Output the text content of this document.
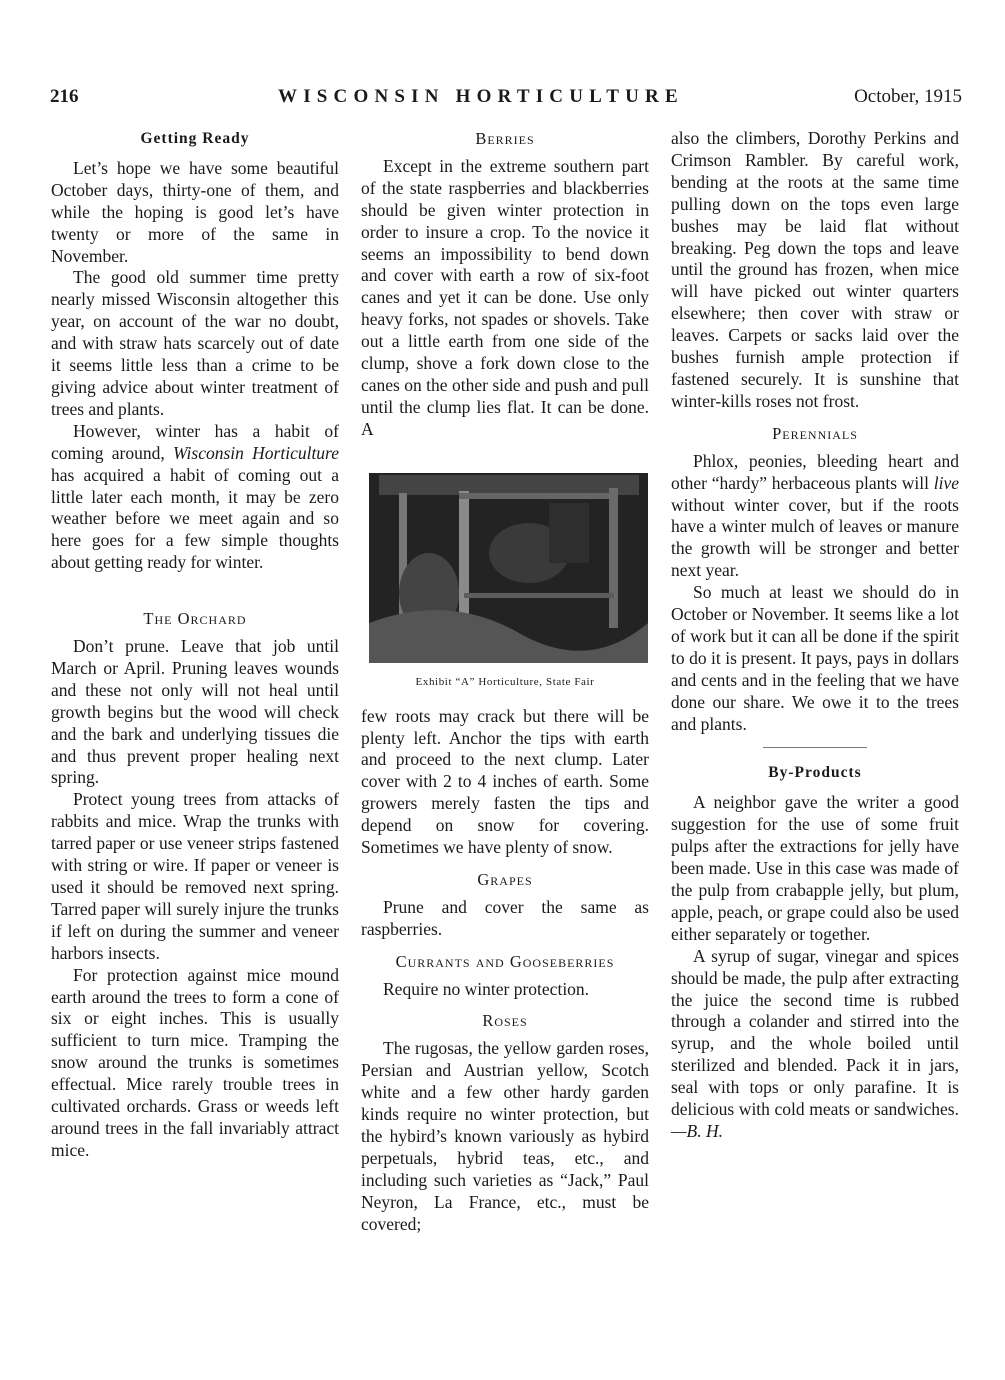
216	WISCONSIN HORTICULTURE	October, 1915
Getting Ready

Let’s hope we have some beautiful October days, thirty-one of them, and while the hoping is good let’s have twenty or more of the same in November.

The good old summer time pretty nearly missed Wisconsin altogether this year, on account of the war no doubt, and with straw hats scarcely out of date it seems little less than a crime to be giving advice about winter treatment of trees and plants.

However, winter has a habit of coming around, Wisconsin Horticulture has acquired a habit of coming out a little later each month, it may be zero weather before we meet again and so here goes for a few simple thoughts about getting ready for winter.

The Orchard

Don’t prune. Leave that job until March or April. Pruning leaves wounds and these not only will not heal until growth begins but the wood will check and the bark and underlying tissues die and thus prevent proper healing next spring.

Protect young trees from attacks of rabbits and mice. Wrap the trunks with tarred paper or use veneer strips fastened with string or wire. If paper or veneer is used it should be removed next spring. Tarred paper will surely injure the trunks if left on during the summer and veneer harbors insects.

For protection against mice mound earth around the trees to form a cone of six or eight inches. This is usually sufficient to turn mice. Tramping the snow around the trunks is sometimes effectual. Mice rarely trouble trees in cultivated orchards. Grass or weeds left around trees in the fall invariably attract mice.

Berries

Except in the extreme southern part of the state raspberries and blackberries should be given winter protection in order to insure a crop. To the novice it seems an impossibility to bend down and cover with earth a row of six-foot canes and yet it can be done. Use only heavy forks, not spades or shovels. Take out a little earth from one side of the clump, shove a fork down close to the canes on the other side and push and pull until the clump lies flat. It can be done. A

Exhibit “A” Horticulture, State Fair

few roots may crack but there will be plenty left. Anchor the tips with earth and proceed to the next clump. Later cover with 2 to 4 inches of earth. Some growers merely fasten the tips and depend on snow for covering. Sometimes we have plenty of snow.

Grapes

Prune and cover the same as raspberries.

Currants and Gooseberries

Require no winter protection.

Roses

The rugosas, the yellow garden roses, Persian and Austrian yellow, Scotch white and a few other hardy garden kinds require no winter protection, but the hybird’s known variously as hybird perpetuals, hybrid teas, etc., and including such varieties as “Jack,” Paul Neyron, La France, etc., must be covered;

also the climbers, Dorothy Perkins and Crimson Rambler. By careful work, bending at the roots at the same time pulling down on the tops even large bushes may be laid flat without breaking. Peg down the tops and leave until the ground has frozen, when mice will have picked out winter quarters elsewhere; then cover with straw or leaves. Carpets or sacks laid over the bushes furnish ample protection if fastened securely. It is sunshine that winter-kills roses not frost.

Perennials

Phlox, peonies, bleeding heart and other “hardy” herbaceous plants will live without winter cover, but if the roots have a winter mulch of leaves or manure the growth will be stronger and better next year.

So much at least we should do in October or November. It seems like a lot of work but it can all be done if the spirit to do it is present. It pays, pays in dollars and cents and in the feeling that we have done our share. We owe it to the trees and plants.

By-Products

A neighbor gave the writer a good suggestion for the use of some fruit pulps after the extractions for jelly have been made. Use in this case was made of the pulp from crabapple jelly, but plum, apple, peach, or grape could also be used either separately or together.

A syrup of sugar, vinegar and spices should be made, the pulp after extracting the juice the second time is rubbed through a colander and stirred into the syrup, and the whole boiled until sterilized and blended. Pack it in jars, seal with tops or only parafine. It is delicious with cold meats or sandwiches.—B. H.
